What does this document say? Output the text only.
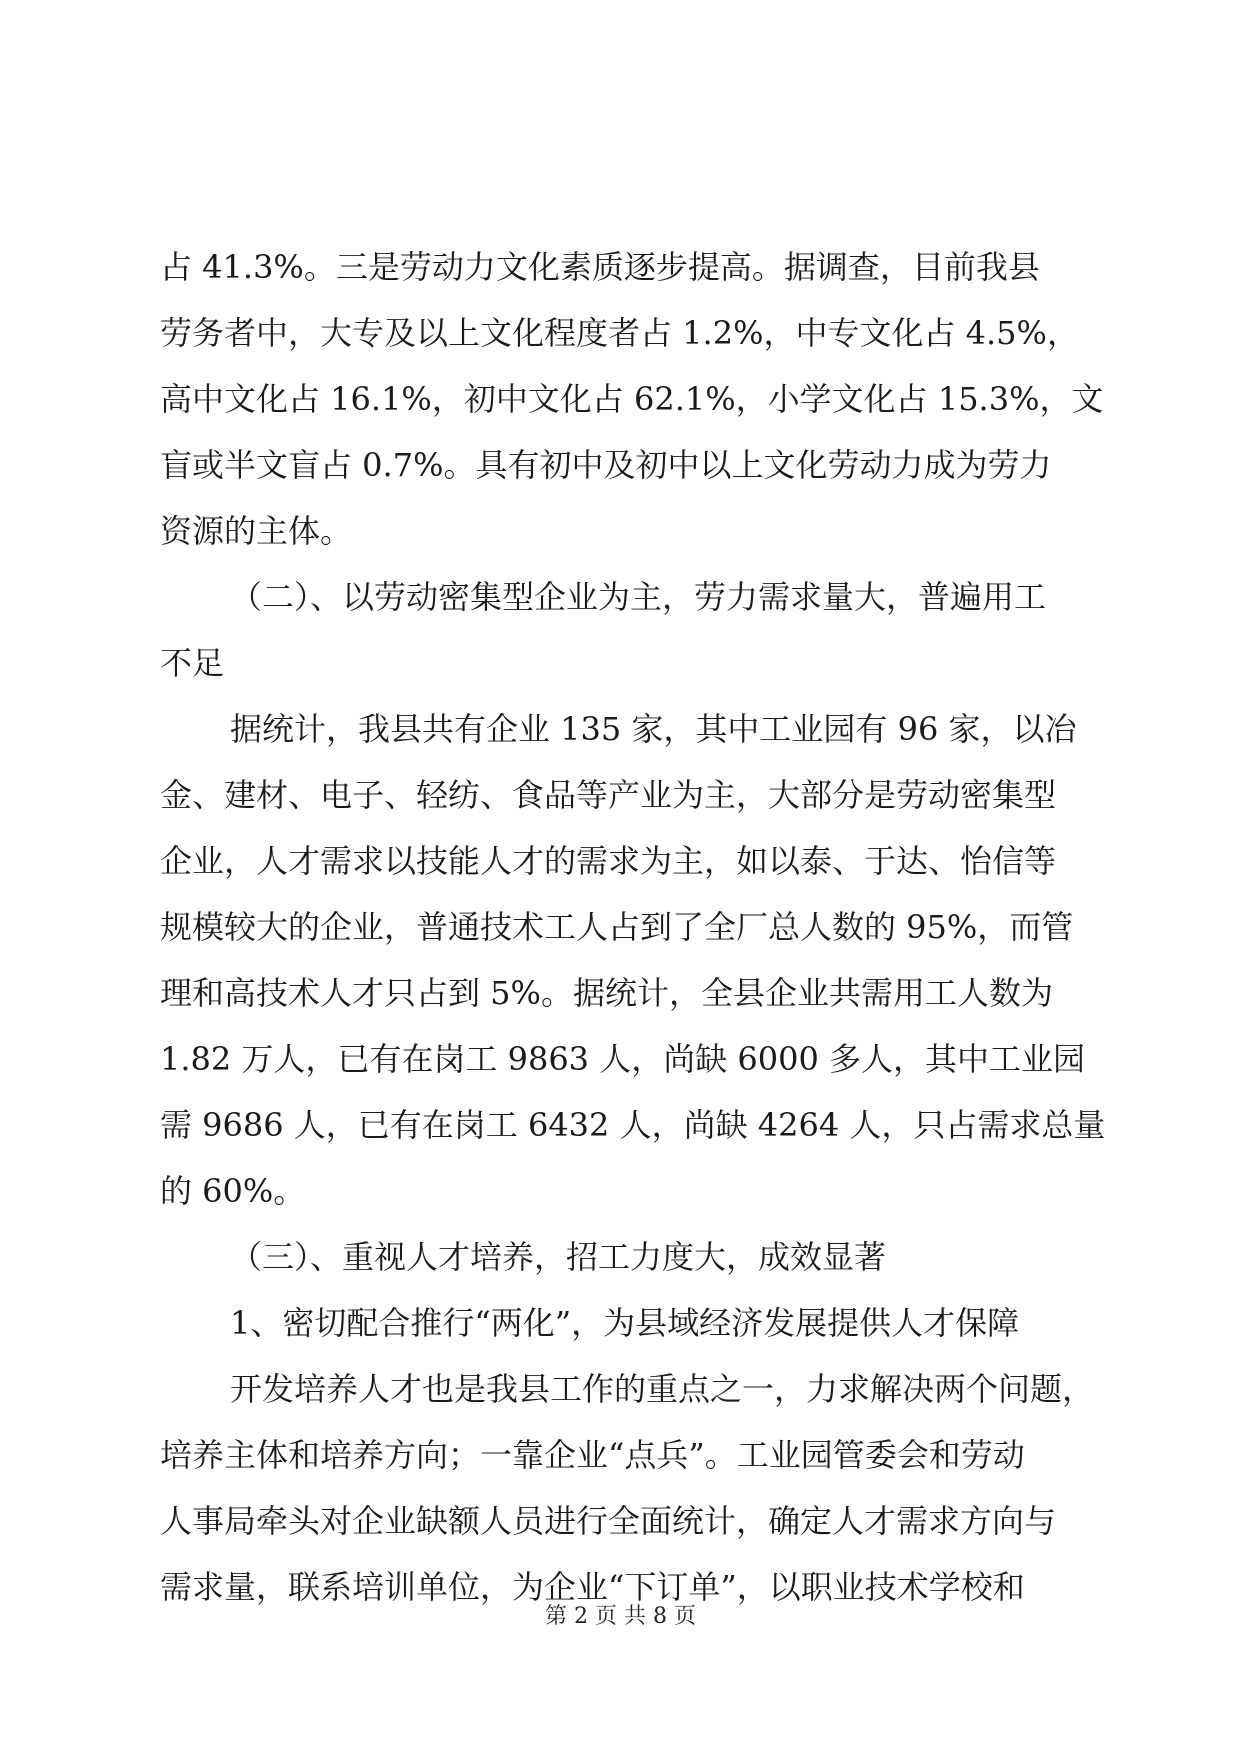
占 41.3%。三是劳动力文化素质逐步提高。据调查，目前我县
劳务者中，大专及以上文化程度者占 1.2%，中专文化占 4.5%，
高中文化占 16.1%，初中文化占 62.1%，小学文化占 15.3%，文
盲或半文盲占 0.7%。具有初中及初中以上文化劳动力成为劳力
资源的主体。
（二）、以劳动密集型企业为主，劳力需求量大，普遍用工
不足
据统计，我县共有企业 135 家，其中工业园有 96 家，以冶
金、建材、电子、轻纺、食品等产业为主，大部分是劳动密集型
企业，人才需求以技能人才的需求为主，如以泰、于达、怡信等
规模较大的企业，普通技术工人占到了全厂总人数的 95%，而管
理和高技术人才只占到 5%。据统计，全县企业共需用工人数为
1.82 万人，已有在岗工 9863 人，尚缺 6000 多人，其中工业园
需 9686 人，已有在岗工 6432 人，尚缺 4264 人，只占需求总量
的 60%。
（三）、重视人才培养，招工力度大，成效显著
1、密切配合推行“两化”，为县域经济发展提供人才保障
开发培养人才也是我县工作的重点之一，力求解决两个问题，
培养主体和培养方向；一靠企业“点兵”。工业园管委会和劳动
人事局牵头对企业缺额人员进行全面统计，确定人才需求方向与
需求量，联系培训单位，为企业“下订单”，以职业技术学校和
第 2 页 共 8 页
